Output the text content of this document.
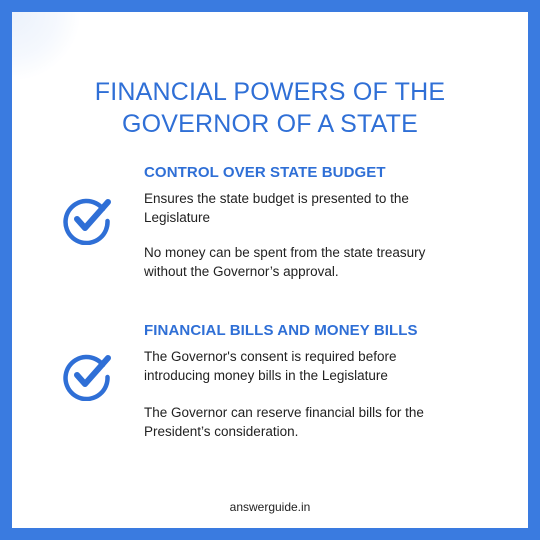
FINANCIAL POWERS OF THE
GOVERNOR OF A STATE
CONTROL OVER STATE BUDGET
Ensures the state budget is presented to the
Legislature
No money can be spent from the state treasury
without the Governor’s approval.
FINANCIAL BILLS AND MONEY BILLS
The Governor's consent is required before
introducing money bills in the Legislature
The Governor can reserve financial bills for the
President’s consideration.
answerguide.in
